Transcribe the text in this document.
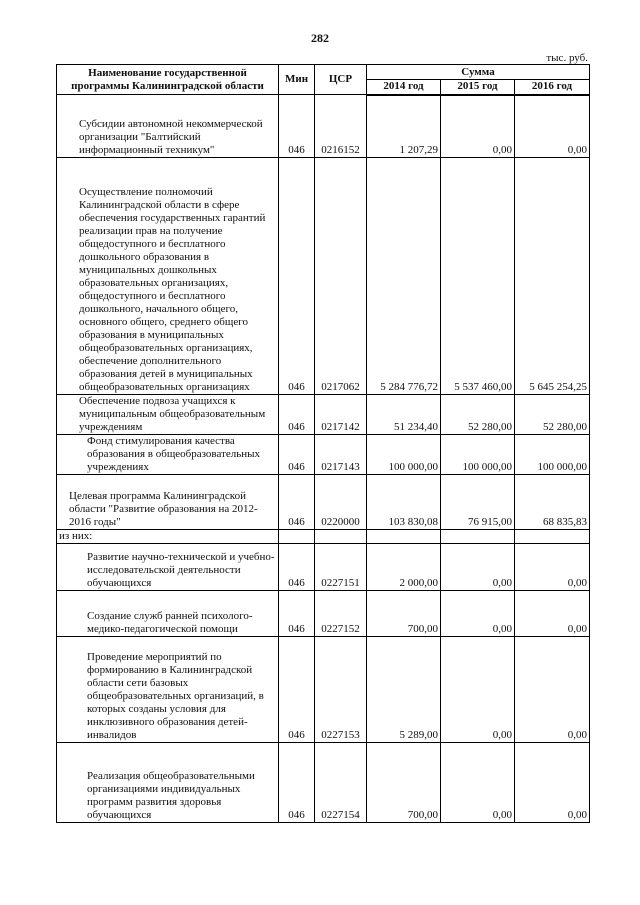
282
тыс. руб.
Наименование государственной программы Калининградской области	Мин	ЦСР	Сумма		
			2014 год	2015 год	2016 год

Субсидии автономной некоммерческой организации "Балтийский информационный техникум"	046	0216152	1 207,29	0,00	0,00

Осуществление полномочий Калининградской области в сфере обеспечения государственных гарантий реализации прав на получение общедоступного и бесплатного дошкольного образования в муниципальных дошкольных образовательных организациях, общедоступного и бесплатного дошкольного, начального общего, основного общего, среднего общего образования в муниципальных общеобразовательных организациях, обеспечение дополнительного образования детей в муниципальных общеобразовательных организациях	046	0217062	5 284 776,72	5 537 460,00	5 645 254,25

Обеспечение подвоза учащихся к муниципальным общеобразовательным учреждениям	046	0217142	51 234,40	52 280,00	52 280,00

Фонд стимулирования качества образования в общеобразовательных учреждениях	046	0217143	100 000,00	100 000,00	100 000,00

Целевая программа Калининградской области "Развитие образования на 2012-2016 годы"	046	0220000	103 830,08	76 915,00	68 835,83

из них:					

Развитие научно-технической и учебно-исследовательской деятельности обучающихся	046	0227151	2 000,00	0,00	0,00

Создание служб ранней психолого-медико-педагогической помощи	046	0227152	700,00	0,00	0,00

Проведение мероприятий по формированию в Калининградской области сети базовых общеобразовательных организаций, в которых созданы условия для инклюзивного образования детей-инвалидов	046	0227153	5 289,00	0,00	0,00

Реализация общеобразовательными организациями индивидуальных программ развития здоровья обучающихся	046	0227154	700,00	0,00	0,00
